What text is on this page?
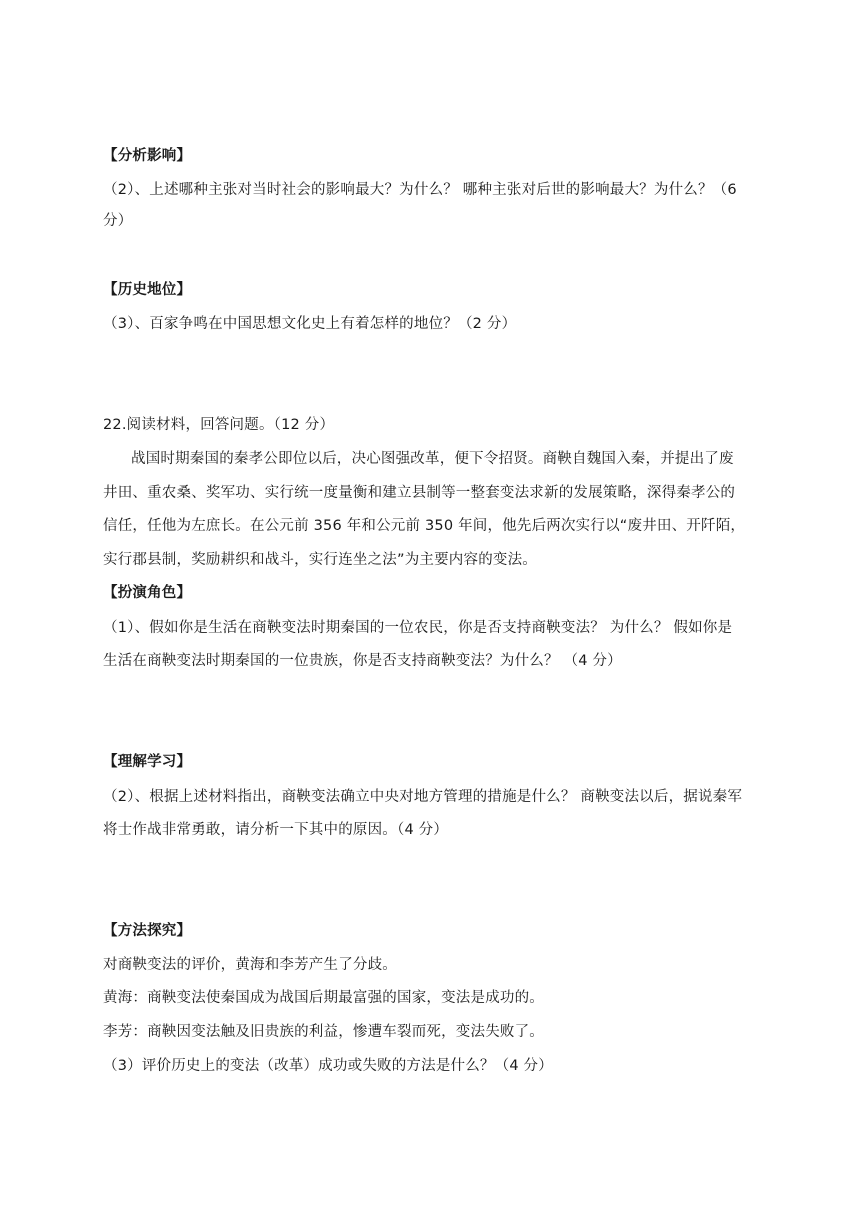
【分析影响】
（2）、上述哪种主张对当时社会的影响最大？为什么？ 哪种主张对后世的影响最大？为什么？（6
分）
【历史地位】
（3）、百家争鸣在中国思想文化史上有着怎样的地位？（2 分）
22.阅读材料，回答问题。（12 分）
战国时期秦国的秦孝公即位以后，决心图强改革，便下令招贤。商鞅自魏国入秦，并提出了废
井田、重农桑、奖军功、实行统一度量衡和建立县制等一整套变法求新的发展策略，深得秦孝公的
信任，任他为左庶长。在公元前 356 年和公元前 350 年间，他先后两次实行以“废井田、开阡陌，
实行郡县制，奖励耕织和战斗，实行连坐之法”为主要内容的变法。
【扮演角色】
（1）、假如你是生活在商鞅变法时期秦国的一位农民，你是否支持商鞅变法？ 为什么？ 假如你是
生活在商鞅变法时期秦国的一位贵族，你是否支持商鞅变法？为什么？ （4 分）
【理解学习】
（2）、根据上述材料指出，商鞅变法确立中央对地方管理的措施是什么？ 商鞅变法以后，据说秦军
将士作战非常勇敢，请分析一下其中的原因。（4 分）
【方法探究】
对商鞅变法的评价，黄海和李芳产生了分歧。
黄海：商鞅变法使秦国成为战国后期最富强的国家，变法是成功的。
李芳：商鞅因变法触及旧贵族的利益，惨遭车裂而死，变法失败了。
（3）评价历史上的变法（改革）成功或失败的方法是什么？（4 分）
